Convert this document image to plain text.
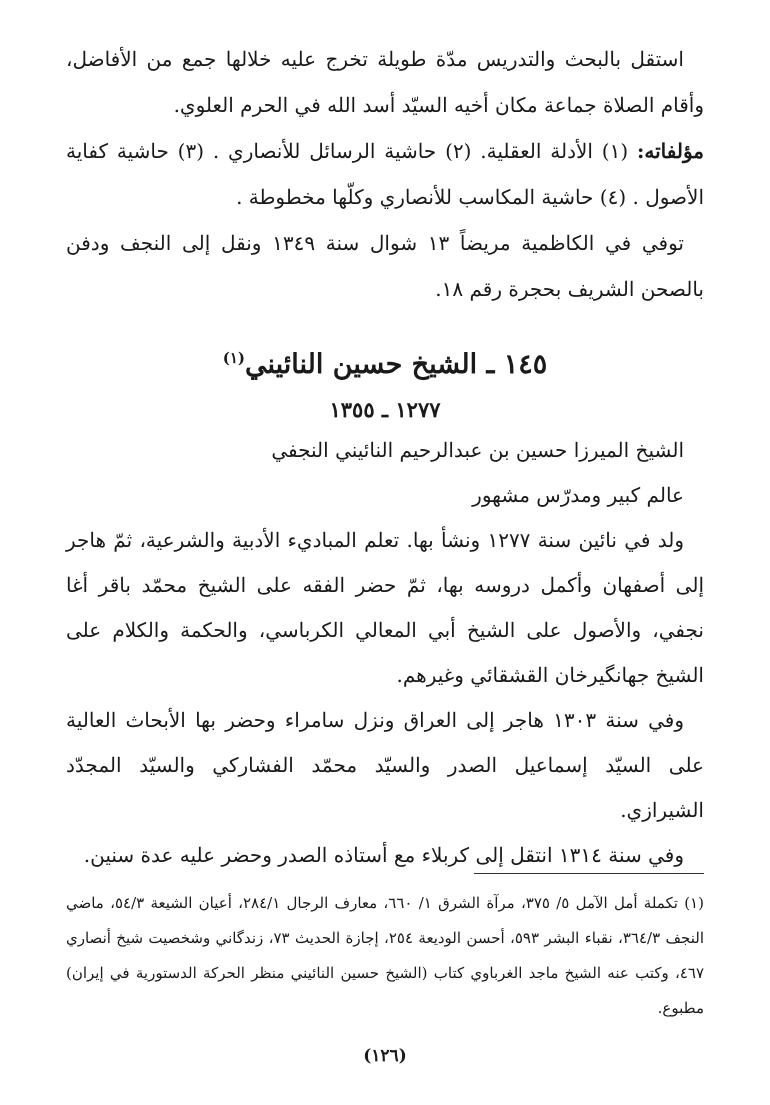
استقل بالبحث والتدريس مدّة طويلة تخرج عليه خلالها جمع من الأفاضل، وأقام الصلاة جماعة مكان أخيه السيّد أسد الله في الحرم العلوي.

مؤلفاته: (١) الأدلة العقلية. (٢) حاشية الرسائل للأنصاري . (٣) حاشية كفاية الأصول . (٤) حاشية المكاسب للأنصاري وكلّها مخطوطة .

توفي في الكاظمية مريضاً ١٣ شوال سنة ١٣٤٩ ونقل إلى النجف ودفن بالصحن الشريف بحجرة رقم ١٨.

١٤٥ ـ الشيخ حسين النائيني$^{(١)}$
١٢٧٧ ـ ١٣٥٥

الشيخ الميرزا حسين بن عبدالرحيم النائيني النجفي

عالم كبير ومدرّس مشهور

ولد في نائين سنة ١٢٧٧ ونشأ بها. تعلم المباديء الأدبية والشرعية، ثمّ هاجر إلى أصفهان وأكمل دروسه بها، ثمّ حضر الفقه على الشيخ محمّد باقر أغا نجفي، والأصول على الشيخ أبي المعالي الكرباسي، والحكمة والكلام على الشيخ جهانگيرخان القشقائي وغيرهم.

وفي سنة ١٣٠٣ هاجر إلى العراق ونزل سامراء وحضر بها الأبحاث العالية على السيّد إسماعيل الصدر والسيّد محمّد الفشاركي والسيّد المجدّد الشيرازي.

وفي سنة ١٣١٤ انتقل إلى كربلاء مع أستاذه الصدر وحضر عليه عدة سنين.

(١) تكملة أمل الآمل ٥/ ٣٧٥، مرآة الشرق ١/ ٦٦٠، معارف الرجال ٢٨٤/١، أعيان الشيعة ٥٤/٣، ماضي النجف ٣٦٤/٣، نقباء البشر ٥٩٣، أحسن الوديعة ٢٥٤، إجازة الحديث ٧٣، زندگاني وشخصيت شيخ أنصاري ٤٦٧، وكتب عنه الشيخ ماجد الغرباوي كتاب (الشيخ حسين النائيني منظر الحركة الدستورية في إيران) مطبوع.

(١٢٦)
